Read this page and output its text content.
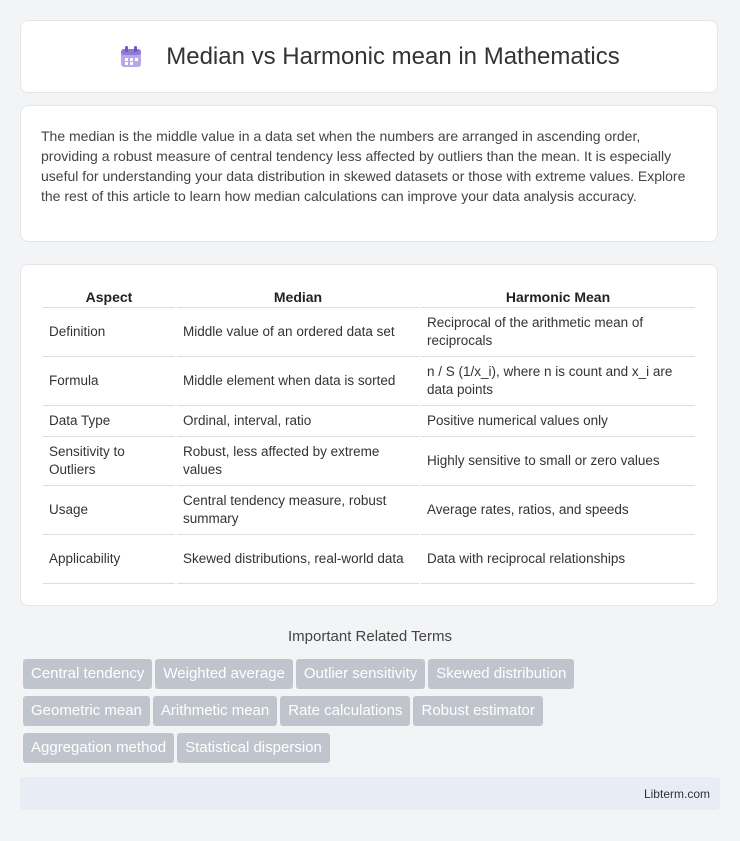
Median vs Harmonic mean in Mathematics

The median is the middle value in a data set when the numbers are arranged in ascending order, providing a robust measure of central tendency less affected by outliers than the mean. It is especially useful for understanding your data distribution in skewed datasets or those with extreme values. Explore the rest of this article to learn how median calculations can improve your data analysis accuracy.

Aspect	Median	Harmonic Mean
Definition	Middle value of an ordered data set	Reciprocal of the arithmetic mean of reciprocals
Formula	Middle element when data is sorted	n / S (1/x_i), where n is count and x_i are data points
Data Type	Ordinal, interval, ratio	Positive numerical values only
Sensitivity to Outliers	Robust, less affected by extreme values	Highly sensitive to small or zero values
Usage	Central tendency measure, robust summary	Average rates, ratios, and speeds
Applicability	Skewed distributions, real-world data	Data with reciprocal relationships
Important Related Terms
Central tendency Weighted average Outlier sensitivity Skewed distribution
Geometric mean Arithmetic mean Rate calculations Robust estimator
Aggregation method Statistical dispersion
Libterm.com
